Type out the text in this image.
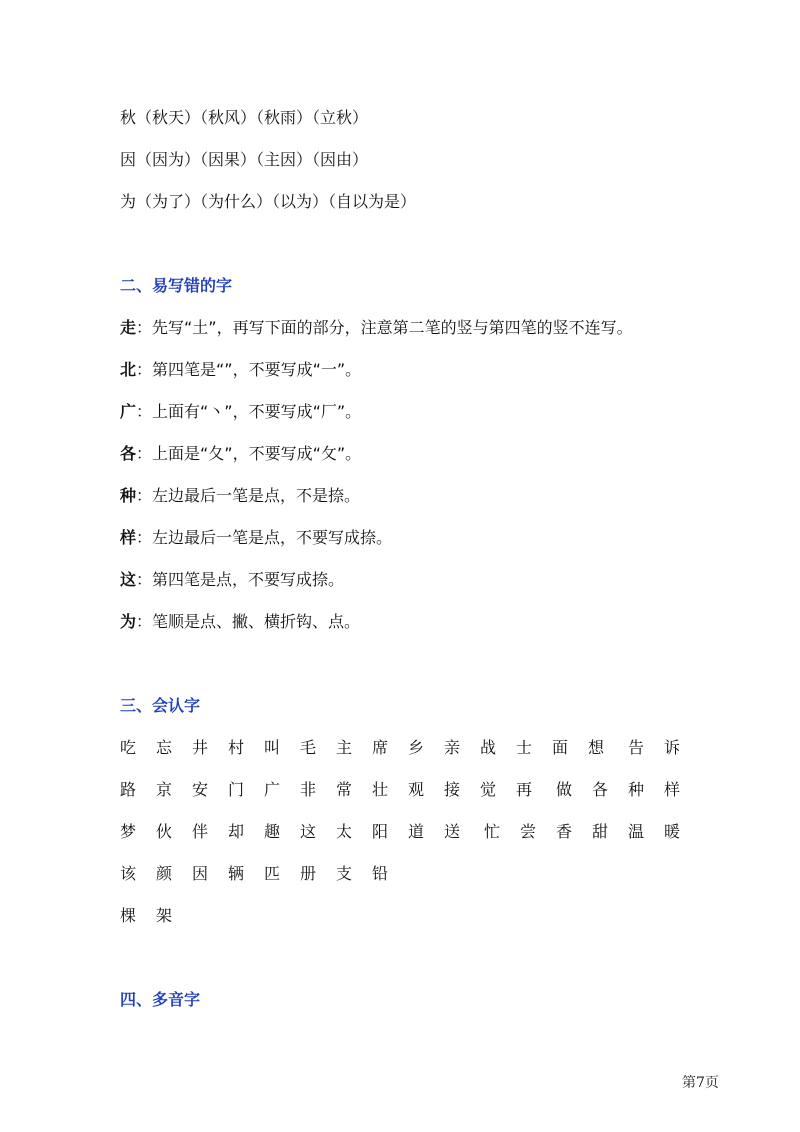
秋（秋天）（秋风）（秋雨）（立秋）
因（因为）（因果）（主因）（因由）
为（为了）（为什么）（以为）（自以为是）
二、易写错的字
走：先写“土”，再写下面的部分，注意第二笔的竖与第四笔的竖不连写。
北：第四笔是“”，不要写成“一”。
广：上面有“丶”，不要写成“厂”。
各：上面是“夂”，不要写成“攵”。
种：左边最后一笔是点，不是捺。
样：左边最后一笔是点，不要写成捺。
这：第四笔是点，不要写成捺。
为：笔顺是点、撇、横折钩、点。
三、会认字
吃 忘 井 村 叫 毛 主 席 乡 亲 战 士 面 想 告 诉
路 京 安 门 广 非 常 壮 观 接 觉 再 做 各 种 样
梦 伙 伴 却 趣 这 太 阳 道 送 忙 尝 香 甜 温 暖
该 颜 因 辆 匹 册 支 铅
棵 架
四、多音字
第7页
